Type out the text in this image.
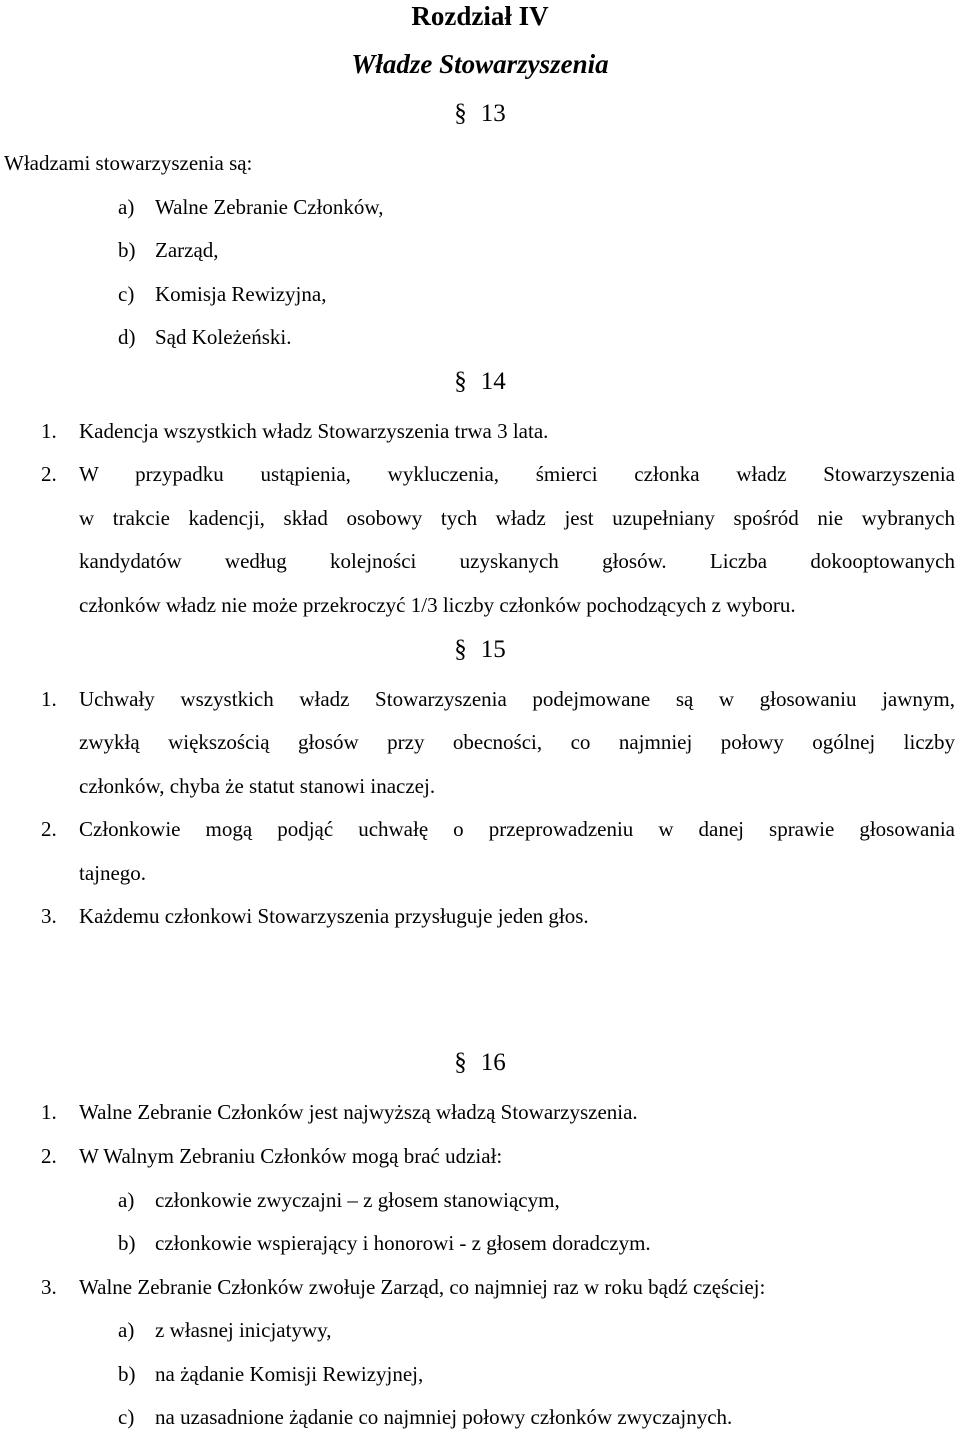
Rozdział IV
Władze Stowarzyszenia
§ 13
Władzami stowarzyszenia są:
a) Walne Zebranie Członków,
b) Zarząd,
c) Komisja Rewizyjna,
d) Sąd Koleżeński.
§ 14
1. Kadencja wszystkich władz Stowarzyszenia trwa 3 lata.
2. W przypadku ustąpienia, wykluczenia, śmierci członka władz Stowarzyszenia
w trakcie kadencji, skład osobowy tych władz jest uzupełniany spośród nie wybranych
kandydatów według kolejności uzyskanych głosów. Liczba dokooptowanych
członków władz nie może przekroczyć 1/3 liczby członków pochodzących z wyboru.
§ 15
1. Uchwały wszystkich władz Stowarzyszenia podejmowane są w głosowaniu jawnym,
zwykłą większością głosów przy obecności, co najmniej połowy ogólnej liczby
członków, chyba że statut stanowi inaczej.
2. Członkowie mogą podjąć uchwałę o przeprowadzeniu w danej sprawie głosowania
tajnego.
3. Każdemu członkowi Stowarzyszenia przysługuje jeden głos.
§ 16
1. Walne Zebranie Członków jest najwyższą władzą Stowarzyszenia.
2. W Walnym Zebraniu Członków mogą brać udział:
a) członkowie zwyczajni – z głosem stanowiącym,
b) członkowie wspierający i honorowi - z głosem doradczym.
3. Walne Zebranie Członków zwołuje Zarząd, co najmniej raz w roku bądź częściej:
a) z własnej inicjatywy,
b) na żądanie Komisji Rewizyjnej,
c) na uzasadnione żądanie co najmniej połowy członków zwyczajnych.
